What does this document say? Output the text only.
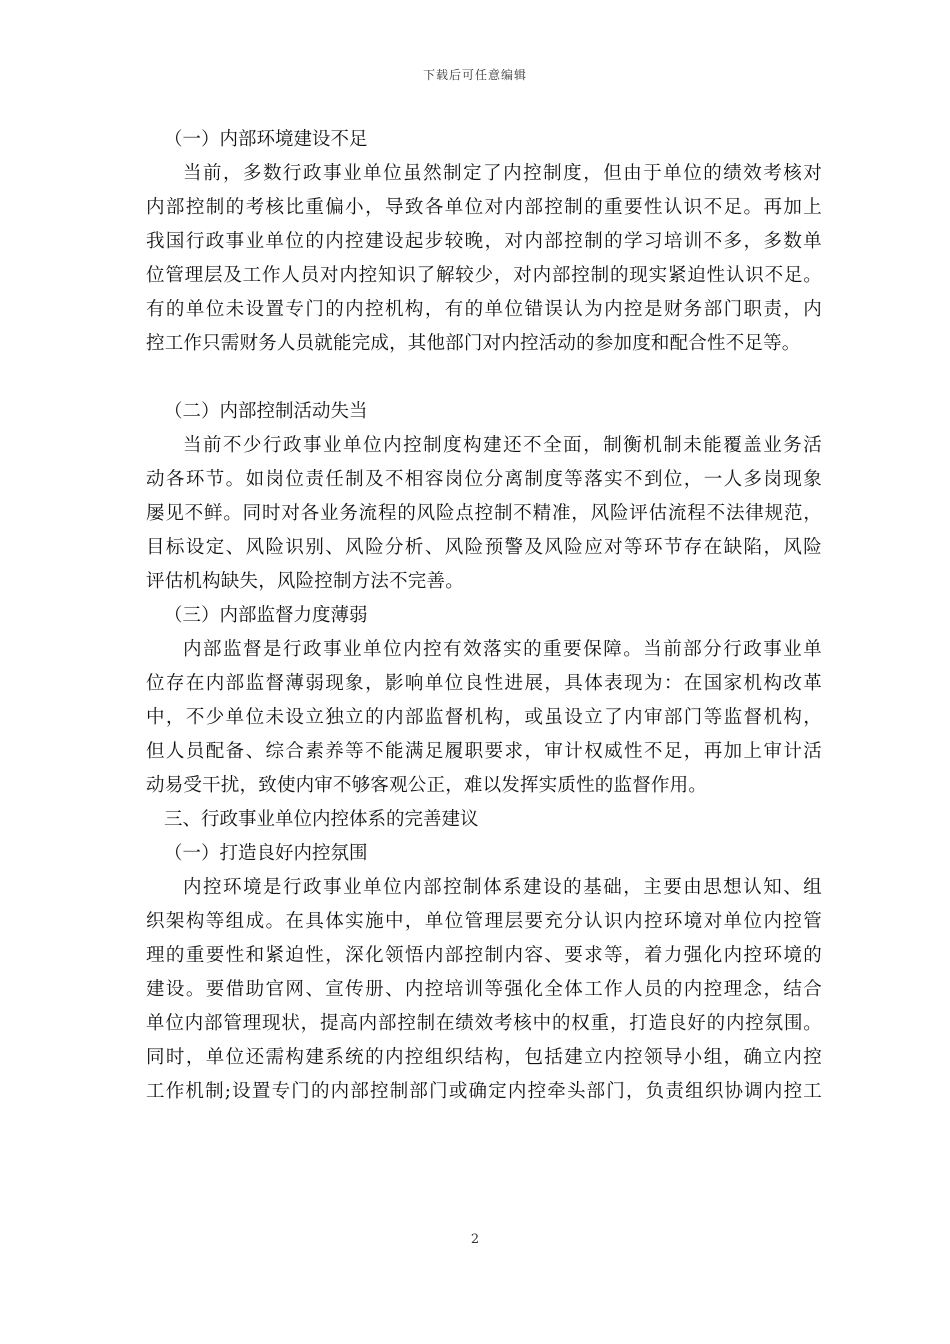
下载后可任意编辑
（一）内部环境建设不足
当前，多数行政事业单位虽然制定了内控制度，但由于单位的绩效考核对
内部控制的考核比重偏小，导致各单位对内部控制的重要性认识不足。再加上
我国行政事业单位的内控建设起步较晚，对内部控制的学习培训不多，多数单
位管理层及工作人员对内控知识了解较少，对内部控制的现实紧迫性认识不足。
有的单位未设置专门的内控机构，有的单位错误认为内控是财务部门职责，内
控工作只需财务人员就能完成，其他部门对内控活动的参加度和配合性不足等。
（二）内部控制活动失当
当前不少行政事业单位内控制度构建还不全面，制衡机制未能覆盖业务活
动各环节。如岗位责任制及不相容岗位分离制度等落实不到位，一人多岗现象
屡见不鲜。同时对各业务流程的风险点控制不精准，风险评估流程不法律规范，
目标设定、风险识别、风险分析、风险预警及风险应对等环节存在缺陷，风险
评估机构缺失，风险控制方法不完善。
（三）内部监督力度薄弱
内部监督是行政事业单位内控有效落实的重要保障。当前部分行政事业单
位存在内部监督薄弱现象，影响单位良性进展，具体表现为：在国家机构改革
中，不少单位未设立独立的内部监督机构，或虽设立了内审部门等监督机构，
但人员配备、综合素养等不能满足履职要求，审计权威性不足，再加上审计活
动易受干扰，致使内审不够客观公正，难以发挥实质性的监督作用。
三、行政事业单位内控体系的完善建议
（一）打造良好内控氛围
内控环境是行政事业单位内部控制体系建设的基础，主要由思想认知、组
织架构等组成。在具体实施中，单位管理层要充分认识内控环境对单位内控管
理的重要性和紧迫性，深化领悟内部控制内容、要求等，着力强化内控环境的
建设。要借助官网、宣传册、内控培训等强化全体工作人员的内控理念，结合
单位内部管理现状，提高内部控制在绩效考核中的权重，打造良好的内控氛围。
同时，单位还需构建系统的内控组织结构，包括建立内控领导小组，确立内控
工作机制;设置专门的内部控制部门或确定内控牵头部门，负责组织协调内控工
2
